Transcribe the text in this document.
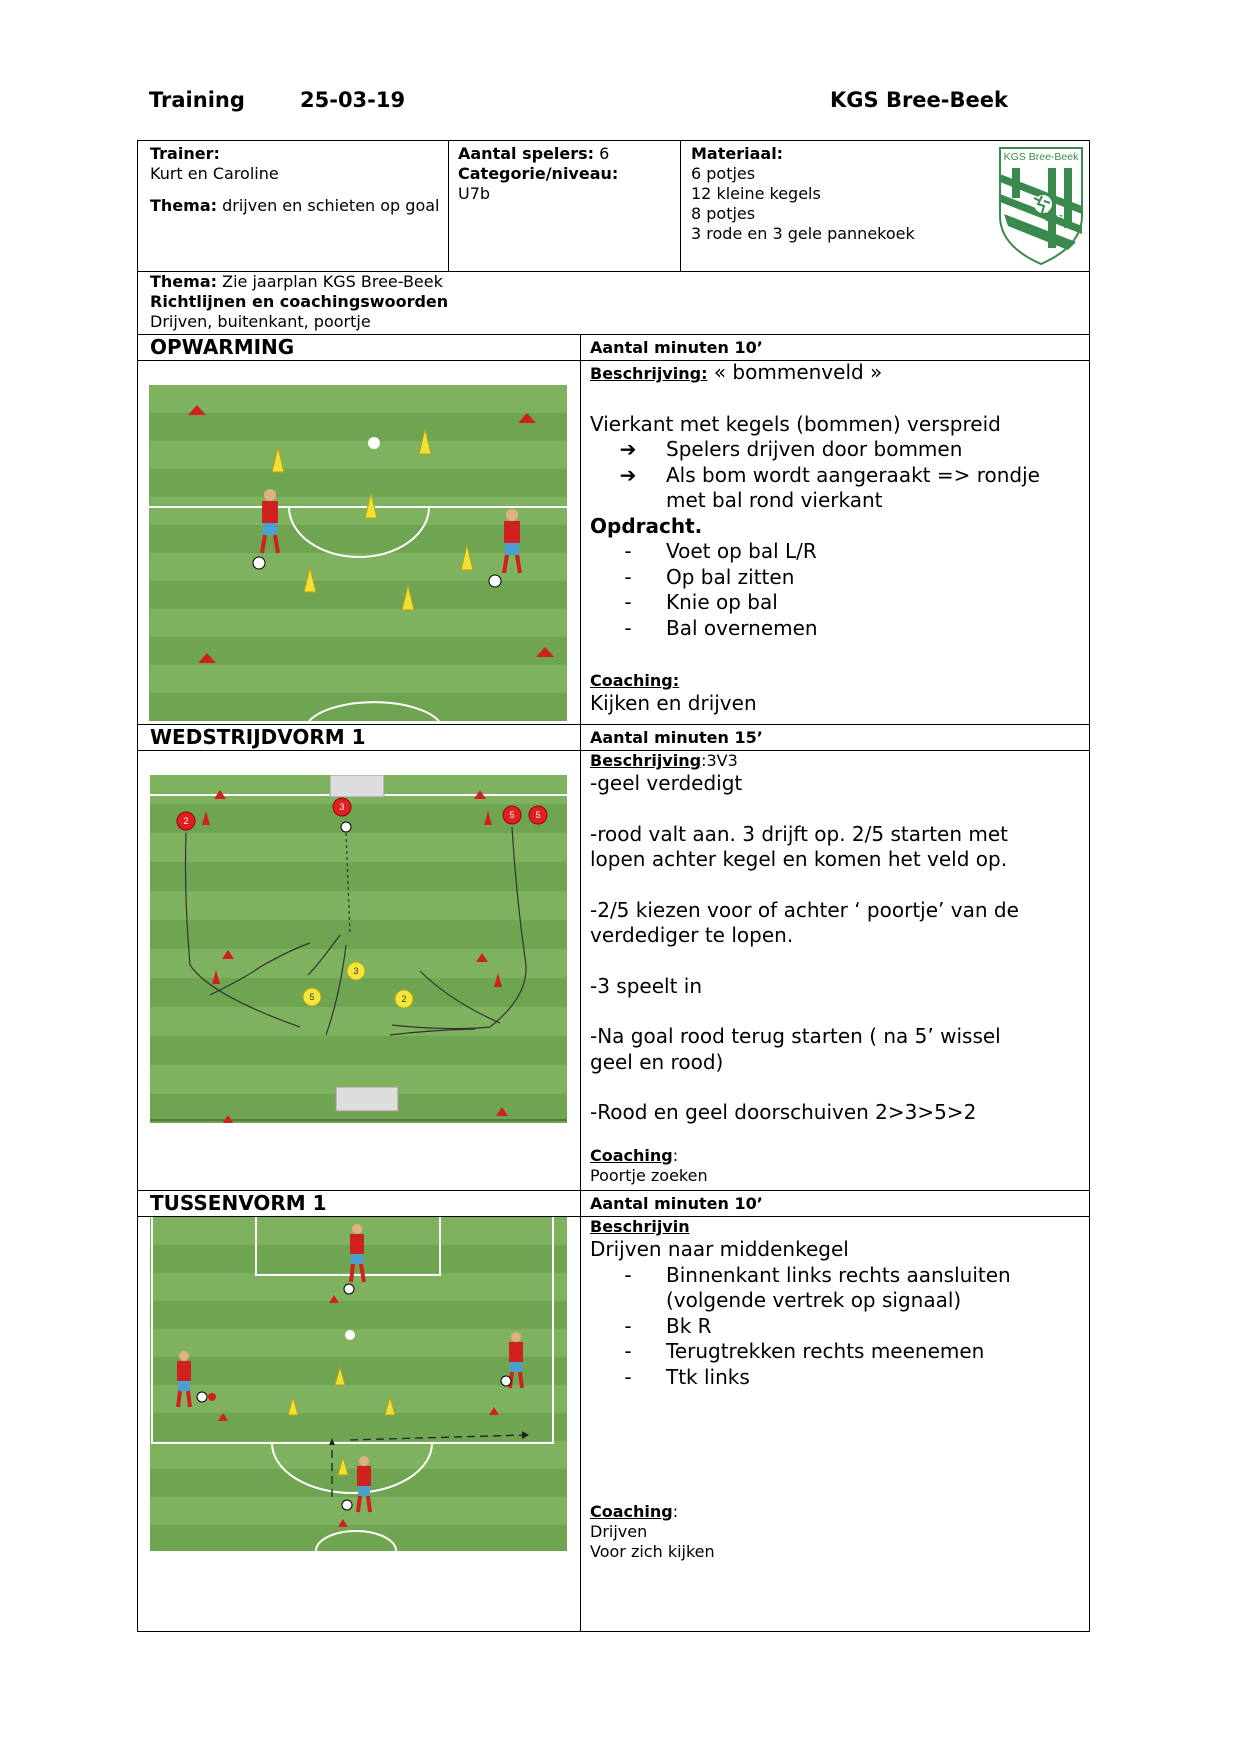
Training	25-03-19	KGS Bree-Beek
Trainer:
Kurt en Caroline
Thema: drijven en schieten op goal
Aantal spelers: 6
Categorie/niveau:
U7b
Materiaal:
6 potjes
12 kleine kegels
8 potjes
3 rode en 3 gele pannekoek
KGS Bree-Beek
2017
Thema: Zie jaarplan KGS Bree-Beek
Richtlijnen en coachingswoorden
Drijven, buitenkant, poortje
OPWARMING	Aantal minuten 10’
Beschrijving: « bommenveld »
Vierkant met kegels (bommen) verspreid
➔	Spelers drijven door bommen
➔	Als bom wordt aangeraakt => rondje
met bal rond vierkant
Opdracht.
-	Voet op bal L/R
-	Op bal zitten
-	Knie op bal
-	Bal overnemen
Coaching:
Kijken en drijven
WEDSTRIJDVORM 1	Aantal minuten 15’
2
3
5 5
3
5	2
Beschrijving:3V3
-geel verdedigt
-rood valt aan. 3 drijft op. 2/5 starten met
lopen achter kegel en komen het veld op.
-2/5 kiezen voor of achter ‘ poortje’ van de
verdediger te lopen.
-3 speelt in
-Na goal rood terug starten ( na 5’ wissel
geel en rood)
-Rood en geel doorschuiven 2>3>5>2
Coaching:
Poortje zoeken
TUSSENVORM 1	Aantal minuten 10’
Beschrijvin
Drijven naar middenkegel
-	Binnenkant links rechts aansluiten
(volgende vertrek op signaal)
-	Bk R
-	Terugtrekken rechts meenemen
-	Ttk links
Coaching:
Drijven
Voor zich kijken
